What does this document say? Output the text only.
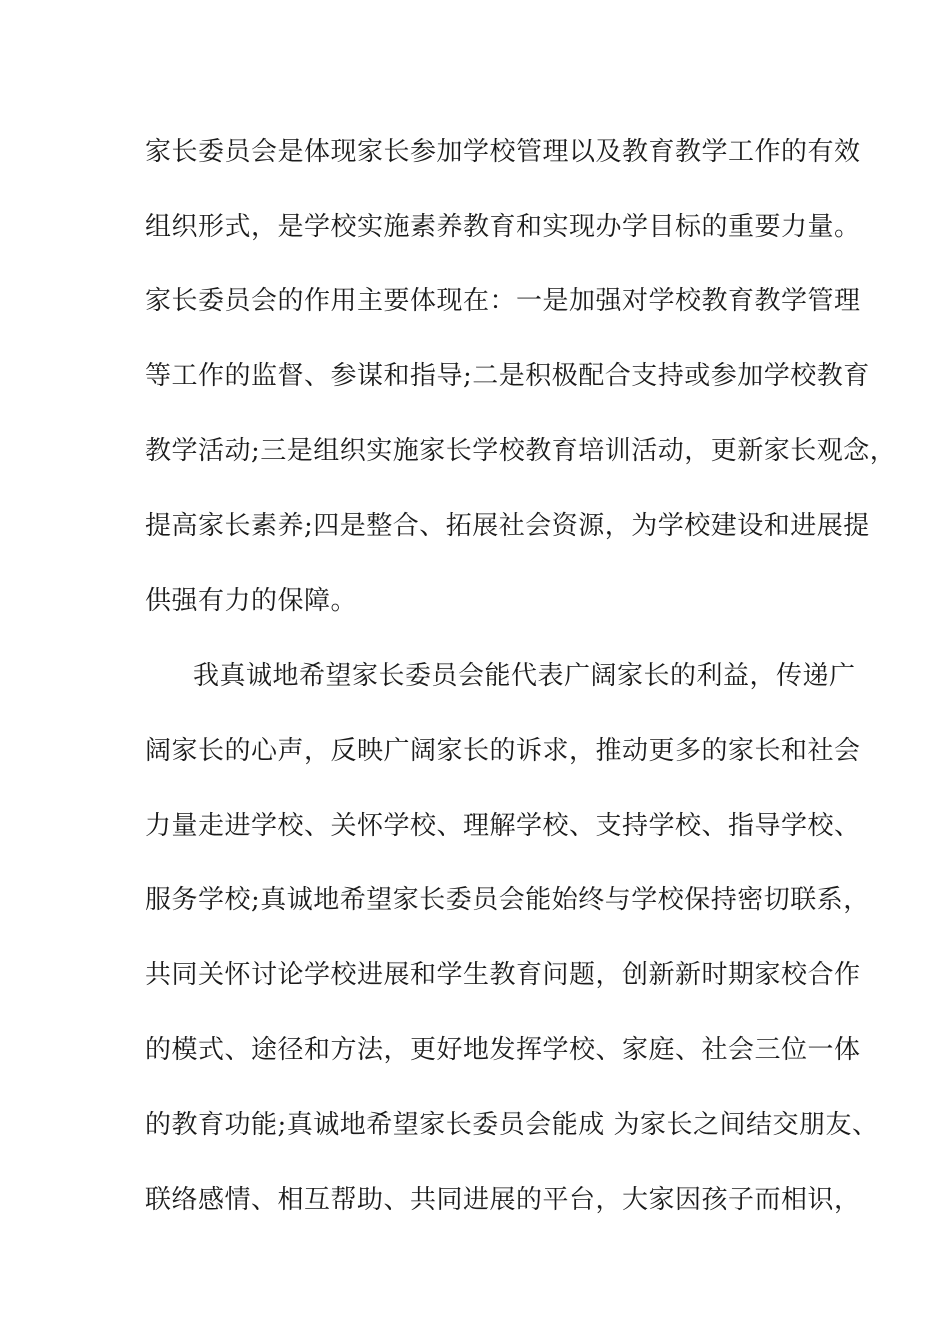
家长委员会是体现家长参加学校管理以及教育教学工作的有效
组织形式，是学校实施素养教育和实现办学目标的重要力量。
家长委员会的作用主要体现在：一是加强对学校教育教学管理
等工作的监督、参谋和指导;二是积极配合支持或参加学校教育
教学活动;三是组织实施家长学校教育培训活动，更新家长观念，
提高家长素养;四是整合、拓展社会资源，为学校建设和进展提
供强有力的保障。
我真诚地希望家长委员会能代表广阔家长的利益，传递广
阔家长的心声，反映广阔家长的诉求，推动更多的家长和社会
力量走进学校、关怀学校、理解学校、支持学校、指导学校、
服务学校;真诚地希望家长委员会能始终与学校保持密切联系，
共同关怀讨论学校进展和学生教育问题，创新新时期家校合作
的模式、途径和方法，更好地发挥学校、家庭、社会三位一体
的教育功能;真诚地希望家长委员会能成 为家长之间结交朋友、
联络感情、相互帮助、共同进展的平台，大家因孩子而相识，
